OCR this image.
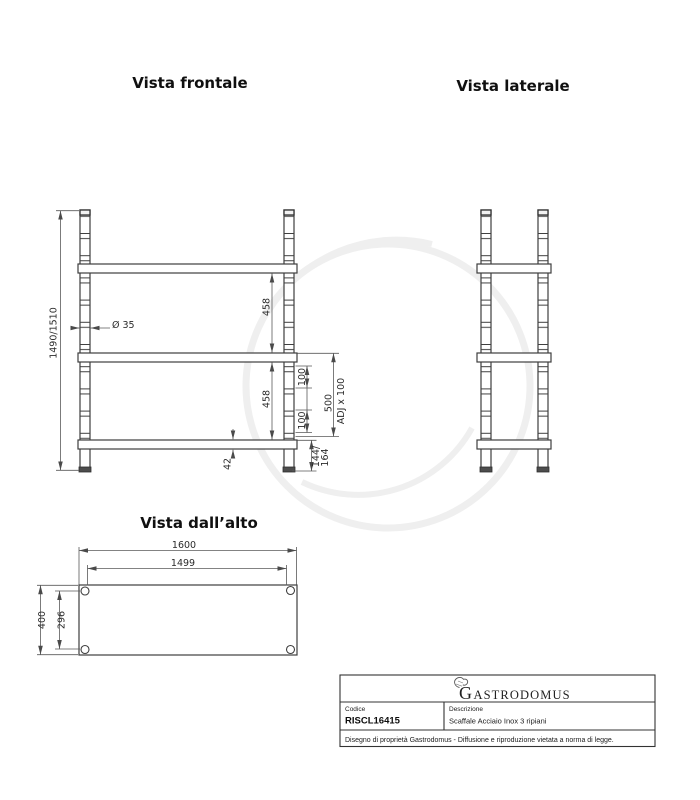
Vista frontale
1490/1510	Ø 35
458
458
100
100
500 ADJ x 100
42	144/
164
Vista laterale
Vista dall’alto
1600
1499
400 296
G ASTRODOMUS
Codice
RISCL16415
Descrizione
Scaffale Acciaio Inox 3 ripiani
Disegno di proprietà Gastrodomus - Diffusione e riproduzione vietata a norma di legge.
